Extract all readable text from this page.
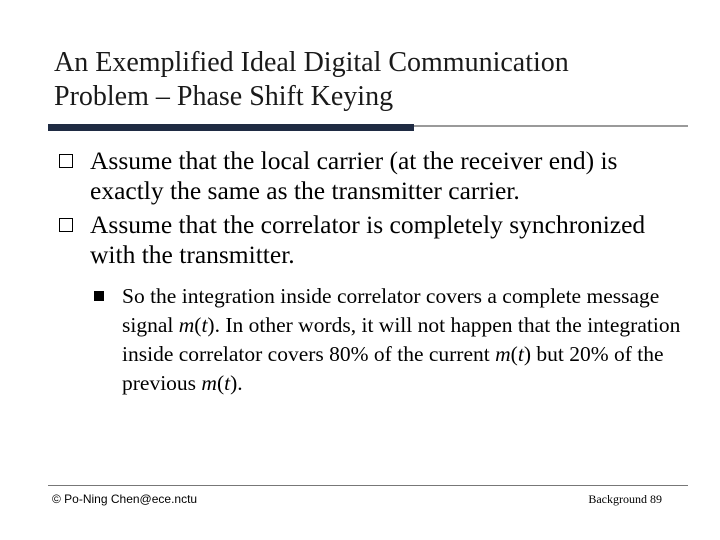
An Exemplified Ideal Digital Communication
Problem – Phase Shift Keying
Assume that the local carrier (at the receiver end) is exactly the same as the transmitter carrier.
Assume that the correlator is completely synchronized with the transmitter.
So the integration inside correlator covers a complete message signal m(t). In other words, it will not happen that the integration inside correlator covers 80% of the current m(t) but 20% of the previous m(t).
© Po-Ning Chen@ece.nctu	Background 89
